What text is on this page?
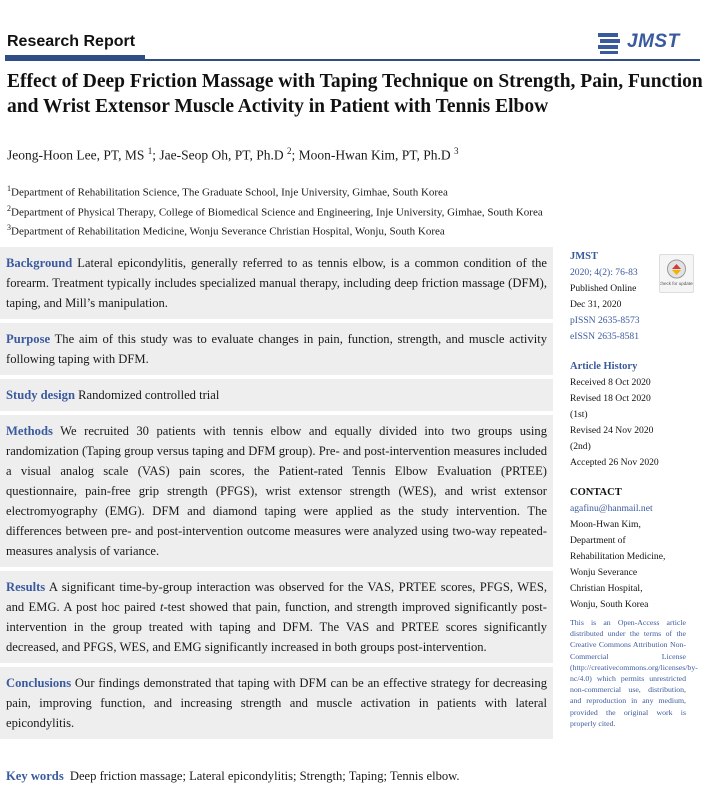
Research Report	JMST
Effect of Deep Friction Massage with Taping Technique on Strength, Pain, Function and Wrist Extensor Muscle Activity in Patient with Tennis Elbow
Jeong-Hoon Lee, PT, MS $^1$; Jae-Seop Oh, PT, Ph.D $^2$; Moon-Hwan Kim, PT, Ph.D $^3$
$^1$Department of Rehabilitation Science, The Graduate School, Inje University, Gimhae, South Korea
$^2$Department of Physical Therapy, College of Biomedical Science and Engineering, Inje University, Gimhae, South Korea
$^3$Department of Rehabilitation Medicine, Wonju Severance Christian Hospital, Wonju, South Korea
Background Lateral epicondylitis, generally referred to as tennis elbow, is a common condition of the forearm. Treatment typically includes specialized manual therapy, including deep friction massage (DFM), taping, and Mill’s manipulation.
Purpose The aim of this study was to evaluate changes in pain, function, strength, and muscle activity following taping with DFM.
Study design Randomized controlled trial
Methods We recruited 30 patients with tennis elbow and equally divided into two groups using randomization (Taping group versus taping and DFM group). Pre- and post-intervention measures included a visual analog scale (VAS) pain scores, the Patient-rated Tennis Elbow Evaluation (PRTEE) questionnaire, pain-free grip strength (PFGS), wrist extensor strength (WES), and wrist extensor electromyography (EMG). DFM and diamond taping were applied as the study intervention. The differences between pre- and post-intervention outcome measures were analyzed using two-way repeated-measures analysis of variance.
Results A significant time-by-group interaction was observed for the VAS, PRTEE scores, PFGS, WES, and EMG. A post hoc paired t-test showed that pain, function, and strength improved significantly post-intervention in the group treated with taping and DFM. The VAS and PRTEE scores significantly decreased, and PFGS, WES, and EMG significantly increased in both groups post-intervention.
Conclusions Our findings demonstrated that taping with DFM can be an effective strategy for decreasing pain, improving function, and increasing strength and muscle activation in patients with lateral epicondylitis.
Key words Deep friction massage; Lateral epicondylitis; Strength; Taping; Tennis elbow.
Check for updates
JMST
2020; 4(2): 76-83
Published Online
Dec 31, 2020
pISSN 2635-8573
eISSN 2635-8581
Article History
Received 8 Oct 2020
Revised 18 Oct 2020
(1st)
Revised 24 Nov 2020
(2nd)
Accepted 26 Nov 2020
CONTACT
agafinu@hanmail.net
Moon-Hwan Kim,
Department of
Rehabilitation Medicine,
Wonju Severance
Christian Hospital,
Wonju, South Korea
This is an Open-Access article distributed under the terms of the Creative Commons Attribution Non-Commercial License (http://creativecommons.org/licenses/by-nc/4.0) which permits unrestricted non-commercial use, distribution, and reproduction in any medium, provided the original work is properly cited.
